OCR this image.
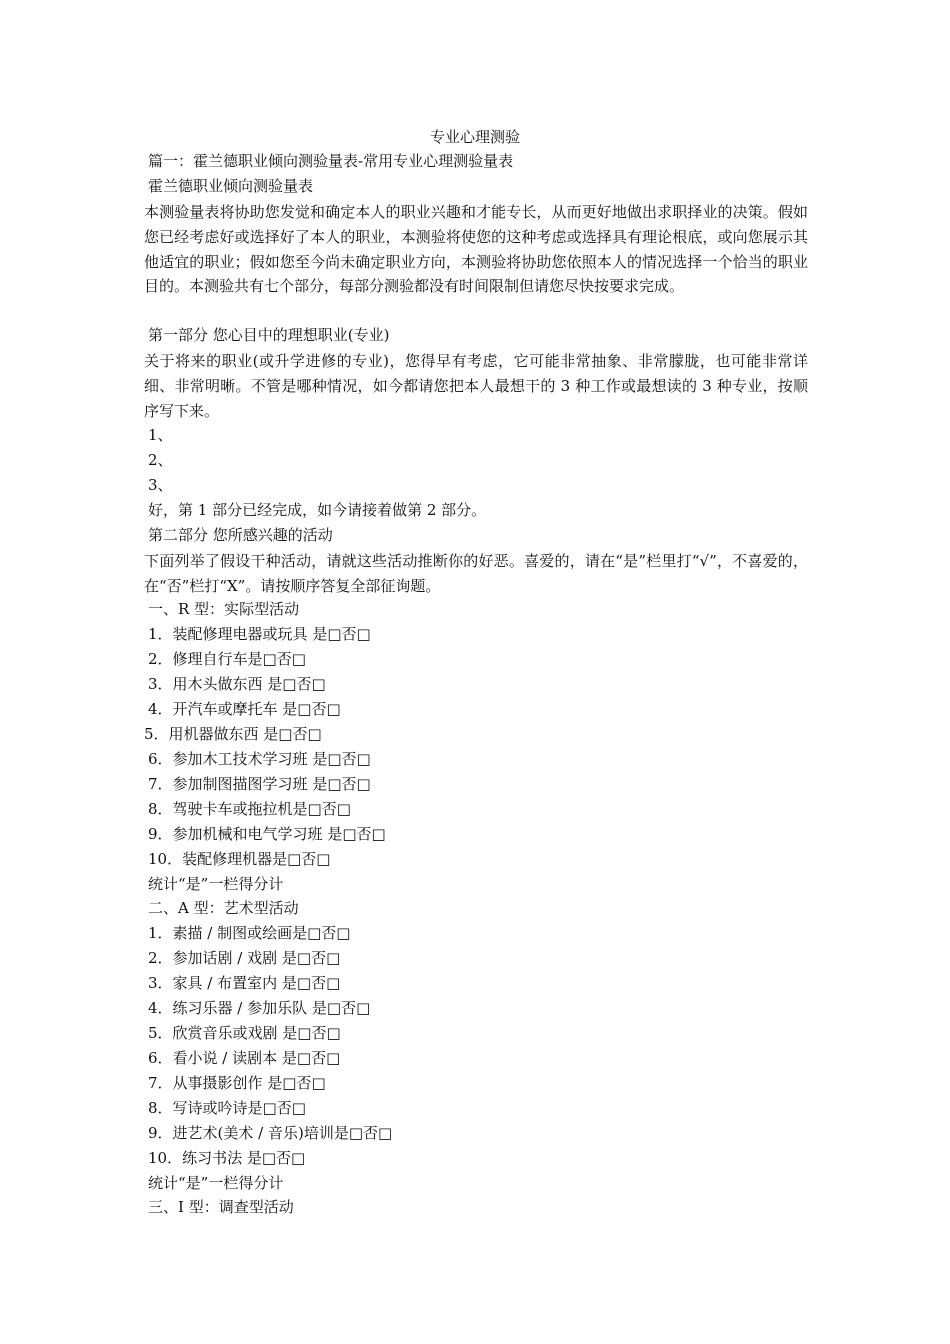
专业心理测验
篇一：霍兰德职业倾向测验量表-常用专业心理测验量表
霍兰德职业倾向测验量表
本测验量表将协助您发觉和确定本人的职业兴趣和才能专长，从而更好地做出求职择业的决策。假如您已经考虑好或选择好了本人的职业，本测验将使您的这种考虑或选择具有理论根底，或向您展示其他适宜的职业；假如您至今尚未确定职业方向，本测验将协助您依照本人的情况选择一个恰当的职业目的。本测验共有七个部分，每部分测验都没有时间限制但请您尽快按要求完成。
第一部分 您心目中的理想职业(专业)
关于将来的职业(或升学进修的专业)，您得早有考虑，它可能非常抽象、非常朦胧，也可能非常详细、非常明晰。不管是哪种情况，如今都请您把本人最想干的 3 种工作或最想读的 3 种专业，按顺序写下来。
1、
2、
3、
好，第 1 部分已经完成，如今请接着做第 2 部分。
第二部分 您所感兴趣的活动
下面列举了假设干种活动，请就这些活动推断你的好恶。喜爱的，请在“是”栏里打“√”，不喜爱的，在“否”栏打“X”。请按顺序答复全部征询题。
一、R 型：实际型活动
1．装配修理电器或玩具 是□否□
2．修理自行车是□否□
3．用木头做东西 是□否□
4．开汽车或摩托车 是□否□
5．用机器做东西 是□否□
6．参加木工技术学习班 是□否□
7．参加制图描图学习班 是□否□
8．驾驶卡车或拖拉机是□否□
9．参加机械和电气学习班 是□否□
10．装配修理机器是□否□
统计“是”一栏得分计
二、A 型：艺术型活动
1．素描 / 制图或绘画是□否□
2．参加话剧 / 戏剧 是□否□
3．家具 / 布置室内 是□否□
4．练习乐器 / 参加乐队 是□否□
5．欣赏音乐或戏剧 是□否□
6．看小说 / 读剧本 是□否□
7．从事摄影创作 是□否□
8．写诗或吟诗是□否□
9．进艺术(美术 / 音乐)培训是□否□
10．练习书法 是□否□
统计“是”一栏得分计
三、I 型：调查型活动
